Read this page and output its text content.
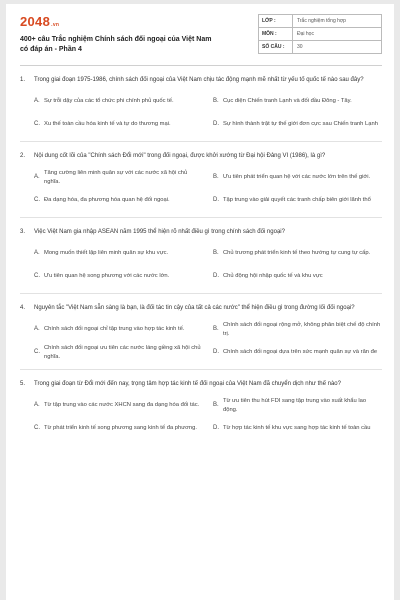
2048.vn
400+ câu Trắc nghiệm Chính sách đối ngoại của Việt Nam có đáp án - Phần 4
LỚP :	Trắc nghiệm tổng hợp
MÔN :	Đại học
SỐ CÂU :	30
1.	Trong giai đoạn 1975-1986, chính sách đối ngoại của Việt Nam chịu tác động mạnh mẽ nhất từ yếu tố quốc tế nào sau đây?
A. Sự trỗi dậy của các tổ chức phi chính phủ quốc tế.	B. Cục diện Chiến tranh Lạnh và đối đầu Đông - Tây.
C. Xu thế toàn cầu hóa kinh tế và tự do thương mại.	D. Sự hình thành trật tự thế giới đơn cực sau Chiến tranh Lạnh
2.	Nội dung cốt lõi của "Chính sách Đổi mới" trong đối ngoại, được khởi xướng từ Đại hội Đảng VI (1986), là gì?
A.
Tăng cường liên minh quân sự với các nước xã hội chủ nghĩa.
B. Ưu tiên phát triển quan hệ với các nước lớn trên thế giới.
C. Đa dạng hóa, đa phương hóa quan hệ đối ngoại.	D. Tập trung vào giải quyết các tranh chấp biên giới lãnh thổ
3.	Việc Việt Nam gia nhập ASEAN năm 1995 thể hiện rõ nhất điều gì trong chính sách đối ngoại?
A. Mong muốn thiết lập liên minh quân sự khu vực.	B. Chủ trương phát triển kinh tế theo hướng tự cung tự cấp.
C. Ưu tiên quan hệ song phương với các nước lớn.	D. Chủ động hội nhập quốc tế và khu vực
4.	Nguyên tắc "Việt Nam sẵn sàng là bạn, là đối tác tin cậy của tất cả các nước" thể hiện điều gì trong đường lối đối ngoại?
A. Chính sách đối ngoại chỉ tập trung vào hợp tác kinh tế.	B.
Chính sách đối ngoại rộng mở, không phân biệt chế độ chính trị.
C.
Chính sách đối ngoại ưu tiên các nước láng giềng xã hội chủ nghĩa.
D. Chính sách đối ngoại dựa trên sức mạnh quân sự và răn đe
5.	Trong giai đoạn từ Đổi mới đến nay, trọng tâm hợp tác kinh tế đối ngoại của Việt Nam đã chuyển dịch như thế nào?
A. Từ tập trung vào các nước XHCN sang đa dạng hóa đối tác.	B.
Từ ưu tiên thu hút FDI sang tập trung vào xuất khẩu lao động.
C. Từ phát triển kinh tế song phương sang kinh tế đa phương.	D. Từ hợp tác kinh tế khu vực sang hợp tác kinh tế toàn cầu
